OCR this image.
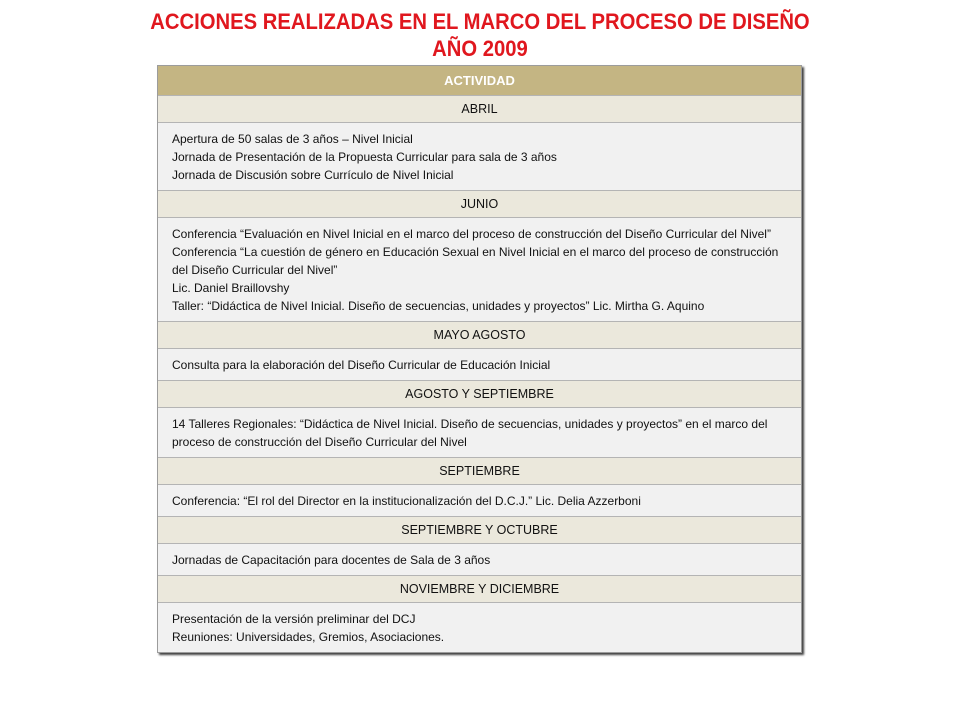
ACCIONES REALIZADAS EN EL MARCO DEL PROCESO DE DISEÑO
AÑO 2009
ACTIVIDAD
ABRIL
Apertura de 50 salas de 3 años – Nivel Inicial
Jornada de Presentación de la Propuesta Curricular para sala de 3 años
Jornada de Discusión sobre Currículo de Nivel Inicial
JUNIO
Conferencia “Evaluación en Nivel Inicial en el marco del proceso de construcción del Diseño Curricular del Nivel”
Conferencia “La cuestión de género en Educación Sexual en Nivel Inicial en el marco del proceso de construcción del Diseño Curricular del Nivel”
Lic. Daniel Braillovshy
Taller: “Didáctica de Nivel Inicial. Diseño de secuencias, unidades y proyectos” Lic. Mirtha G. Aquino
MAYO AGOSTO
Consulta para la elaboración del Diseño Curricular de Educación Inicial
AGOSTO Y SEPTIEMBRE
14 Talleres Regionales: “Didáctica de Nivel Inicial. Diseño de secuencias, unidades y proyectos” en el marco del proceso de construcción del Diseño Curricular del Nivel
SEPTIEMBRE
Conferencia: “El rol del Director en la institucionalización del D.C.J.” Lic. Delia Azzerboni
SEPTIEMBRE Y OCTUBRE
Jornadas de Capacitación para docentes de Sala de 3 años
NOVIEMBRE Y DICIEMBRE
Presentación de la versión preliminar del DCJ
Reuniones: Universidades, Gremios, Asociaciones.
